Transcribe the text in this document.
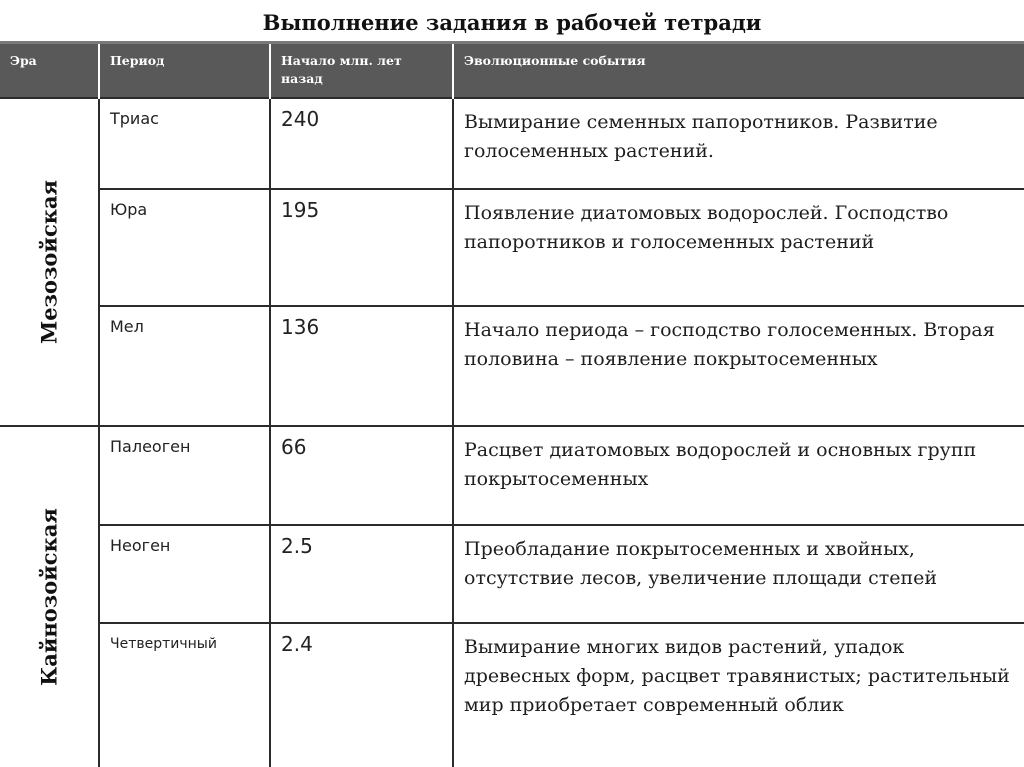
Выполнение задания в рабочей тетради
Эра	Период	Начало млн. лет назад	Эволюционные события

Мезозойская	Триас	240	Вымирание семенных папоротников. Развитие голосеменных растений.
	Юра	195	Появление диатомовых водорослей. Господство папоротников и голосеменных растений
	Мел	136	Начало периода – господство голосеменных. Вторая половина – появление покрытосеменных

Кайнозойская	Палеоген	66	Расцвет диатомовых водорослей и основных групп покрытосеменных
	Неоген	2.5	Преобладание покрытосеменных и хвойных, отсутствие лесов, увеличение площади степей
	Четвертичный	2.4	Вымирание многих видов растений, упадок древесных форм, расцвет травянистых; растительный мир приобретает современный облик
